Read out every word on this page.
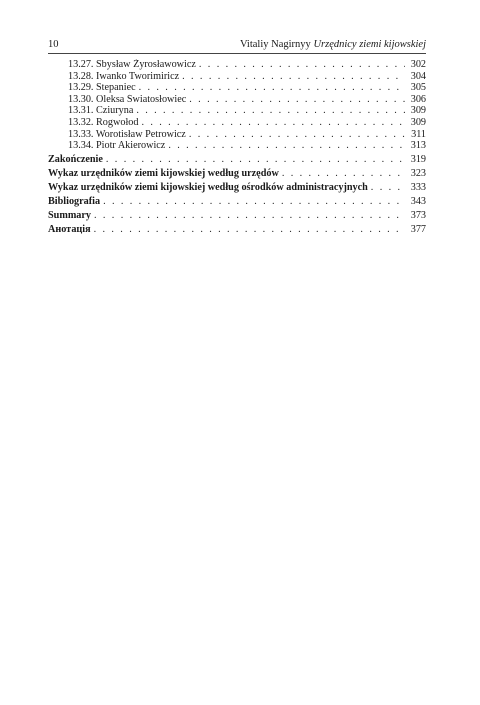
10	Vitaliy Nagirnyy Urzędnicy ziemi kijowskiej
13.27. Sbysław Żyrosławowicz . . .	302
13.28. Iwanko Tworimiricz . . .	304
13.29. Stepaniec . . .	305
13.30. Oleksa Światosłowiec . . .	306
13.31. Cziuryna . . .	309
13.32. Rogwołod . . .	309
13.33. Worotisław Petrowicz . . .	311
13.34. Piotr Akierowicz . . .	313
Zakończenie . . .	319
Wykaz urzędników ziemi kijowskiej według urzędów . . .	323
Wykaz urzędników ziemi kijowskiej według ośrodków administracyjnych . . .	333
Bibliografia . . .	343
Summary . . .	373
Анотація . . .	377
